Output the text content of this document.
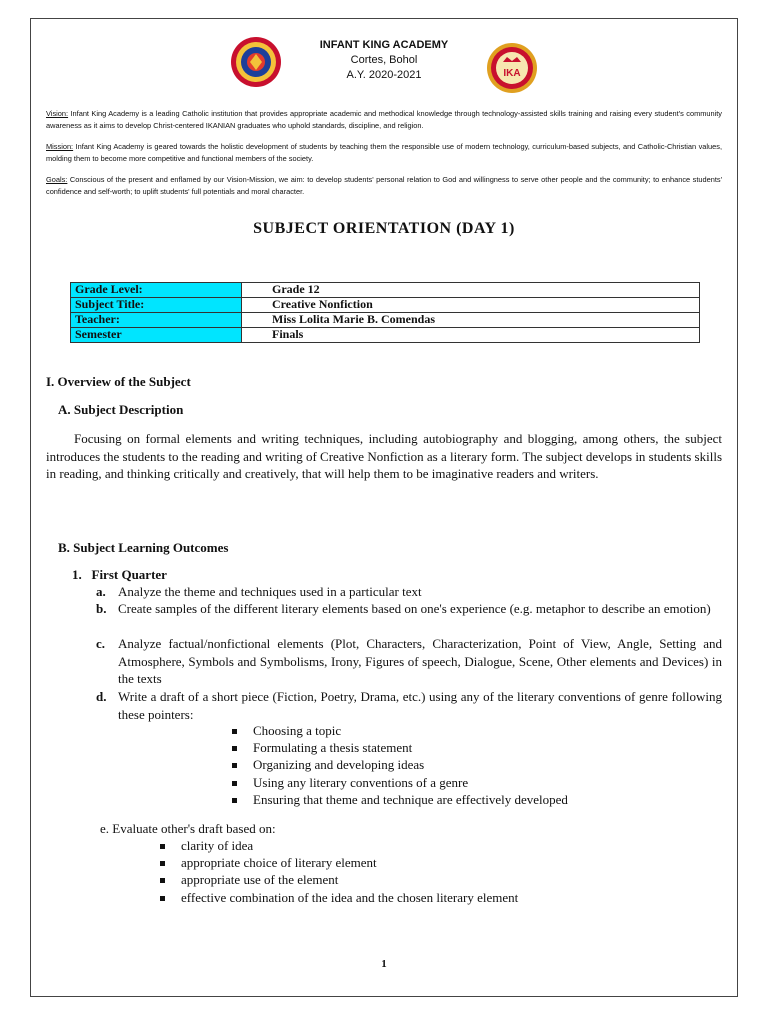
IKA
INFANT KING ACADEMY
Cortes, Bohol
A.Y. 2020-2021
Vision: Infant King Academy is a leading Catholic institution that provides appropriate academic and methodical knowledge through technology-assisted skills training and raising every student's community awareness as it aims to develop Christ-centered IKANIAN graduates who uphold standards, discipline, and religion.
Mission: Infant King Academy is geared towards the holistic development of students by teaching them the responsible use of modern technology, curriculum-based subjects, and Catholic-Christian values, molding them to become more competitive and functional members of the society.
Goals: Conscious of the present and enflamed by our Vision-Mission, we aim: to develop students' personal relation to God and willingness to serve other people and the community; to enhance students' confidence and self-worth; to uplift students' full potentials and moral character.
SUBJECT ORIENTATION (DAY 1)
Grade Level:	Grade 12
Subject Title:	Creative Nonfiction
Teacher:	Miss Lolita Marie B. Comendas
Semester	Finals
I. Overview of the Subject
A. Subject Description
Focusing on formal elements and writing techniques, including autobiography and blogging, among others, the subject introduces the students to the reading and writing of Creative Nonfiction as a literary form. The subject develops in students skills in reading, and thinking critically and creatively, that will help them to be imaginative readers and writers.
B. Subject Learning Outcomes
1. First Quarter
a. Analyze the theme and techniques used in a particular text
b. Create samples of the different literary elements based on one's experience (e.g. metaphor to describe an emotion)
c. Analyze factual/nonfictional elements (Plot, Characters, Characterization, Point of View, Angle, Setting and Atmosphere, Symbols and Symbolisms, Irony, Figures of speech, Dialogue, Scene, Other elements and Devices) in the texts
d. Write a draft of a short piece (Fiction, Poetry, Drama, etc.) using any of the literary conventions of genre following these pointers:
Choosing a topic
Formulating a thesis statement
Organizing and developing ideas
Using any literary conventions of a genre
Ensuring that theme and technique are effectively developed
e. Evaluate other's draft based on:
clarity of idea
appropriate choice of literary element
appropriate use of the element
effective combination of the idea and the chosen literary element
1
